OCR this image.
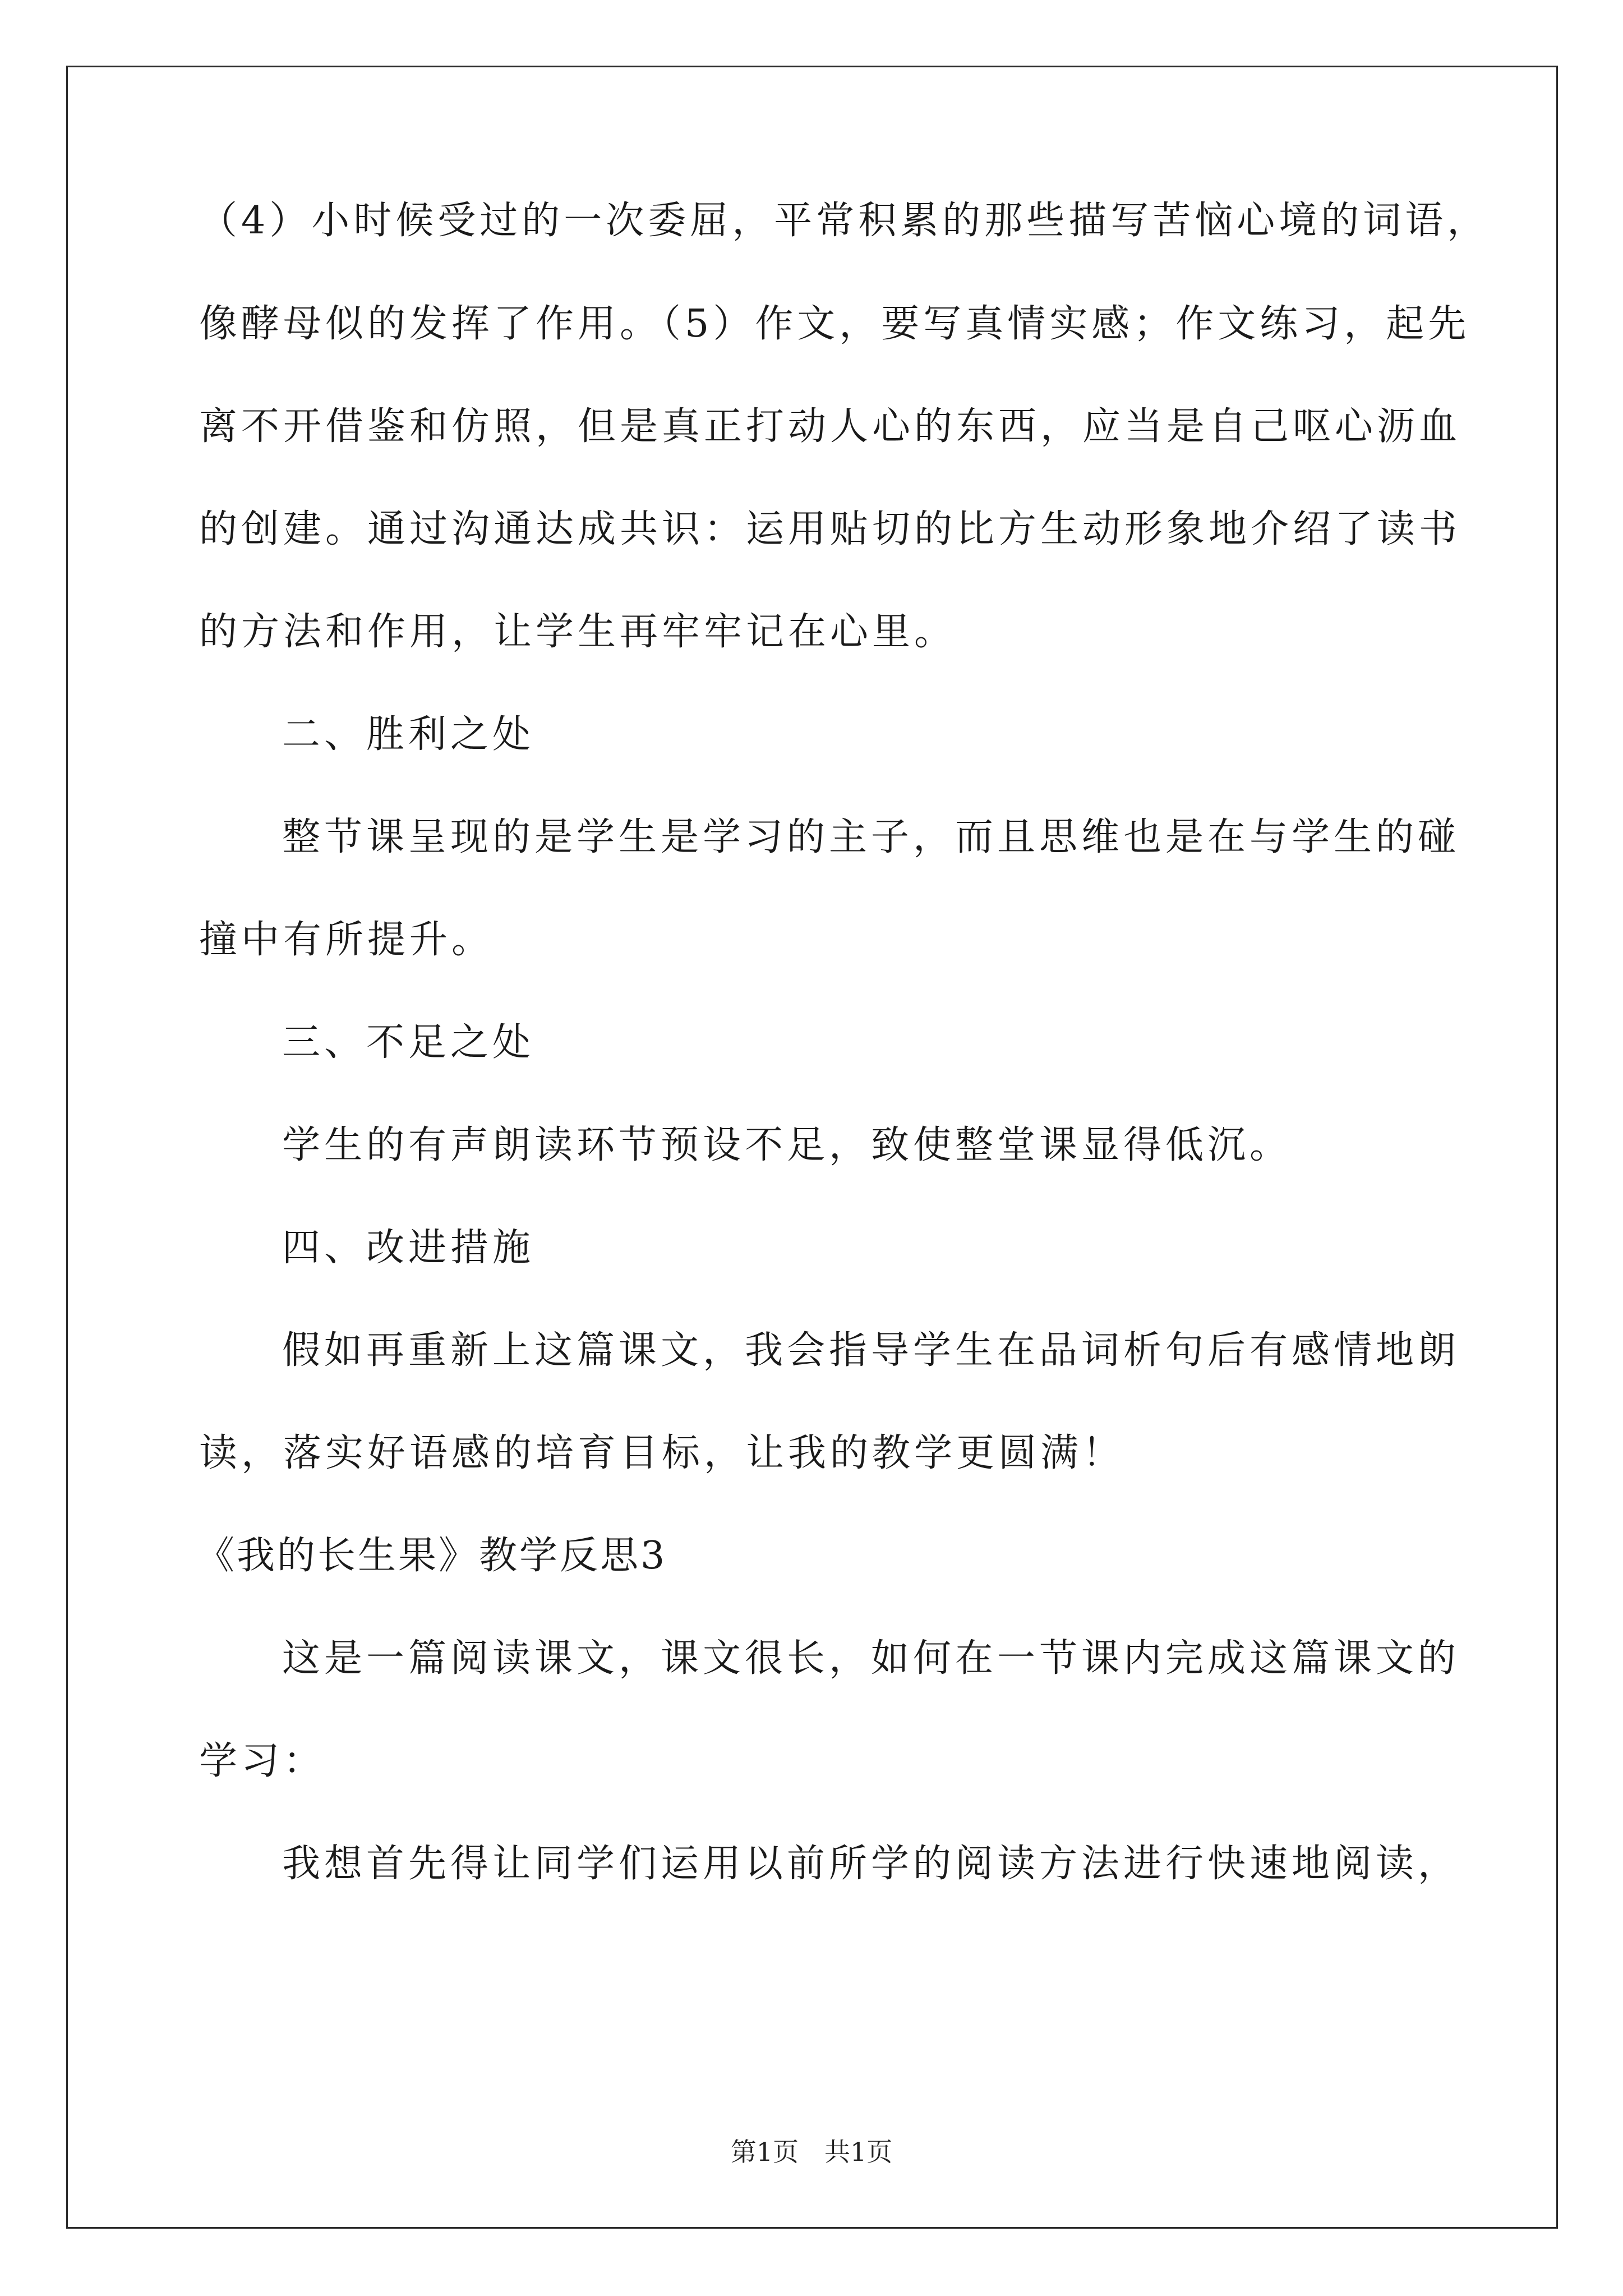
（4）小时候受过的一次委屈，平常积累的那些描写苦恼心境的词语，
像酵母似的发挥了作用。（5）作文，要写真情实感；作文练习，起先
离不开借鉴和仿照，但是真正打动人心的东西，应当是自己呕心沥血
的创建。通过沟通达成共识：运用贴切的比方生动形象地介绍了读书
的方法和作用，让学生再牢牢记在心里。
二、胜利之处
整节课呈现的是学生是学习的主子，而且思维也是在与学生的碰
撞中有所提升。
三、不足之处
学生的有声朗读环节预设不足，致使整堂课显得低沉。
四、改进措施
假如再重新上这篇课文，我会指导学生在品词析句后有感情地朗
读，落实好语感的培育目标，让我的教学更圆满！
《我的长生果》教学反思3
这是一篇阅读课文，课文很长，如何在一节课内完成这篇课文的
学习：
我想首先得让同学们运用以前所学的阅读方法进行快速地阅读，
第1页　共1页
